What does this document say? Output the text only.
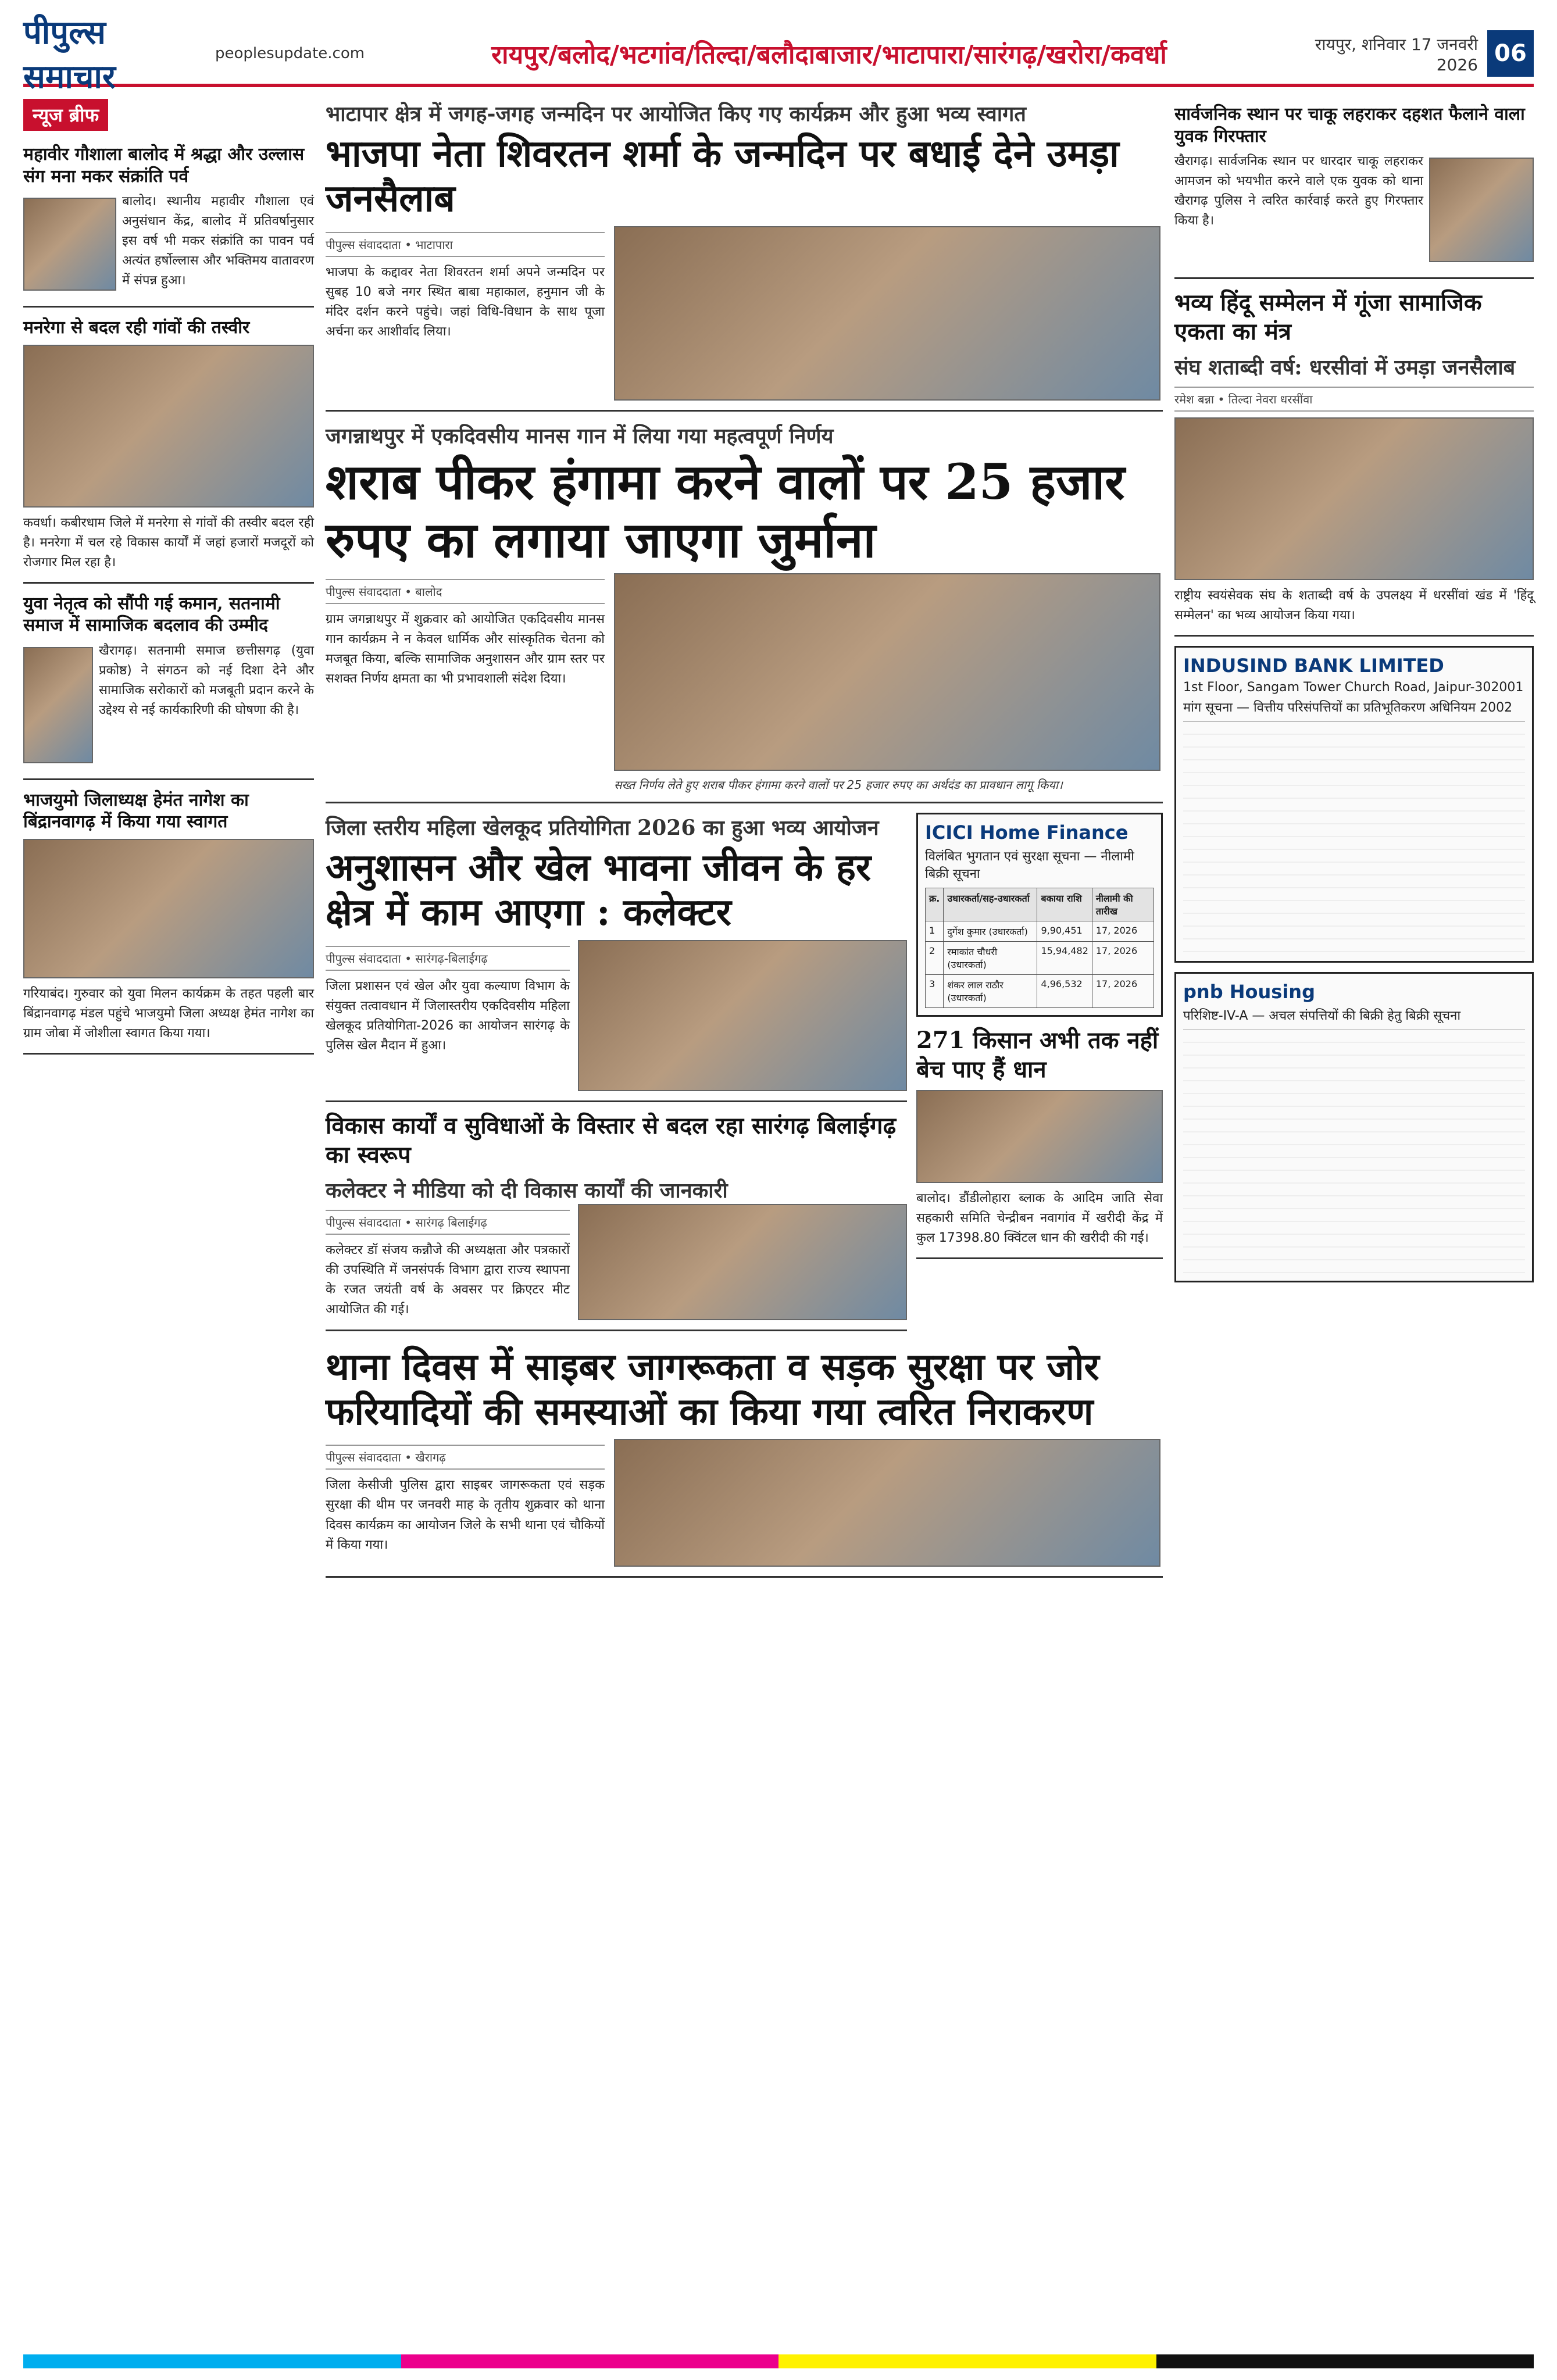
पीपुल्स समाचार
peoplesupdate.com	रायपुर/बलोद/भटगांव/तिल्दा/बलौदाबाजार/भाटापारा/सारंगढ़/खरोरा/कवर्धा	रायपुर, शनिवार 17 जनवरी 2026 06
न्यूज ब्रीफ
महावीर गौशाला बालोद में श्रद्धा और उल्लास संग मना मकर संक्रांति पर्व
बालोद। स्थानीय महावीर गौशाला एवं अनुसंधान केंद्र, बालोद में प्रतिवर्षानुसार इस वर्ष भी मकर संक्रांति का पावन पर्व अत्यंत हर्षोल्लास और भक्तिमय वातावरण में संपन्न हुआ।
मनरेगा से बदल रही गांवों की तस्वीर
कवर्धा। कबीरधाम जिले में मनरेगा से गांवों की तस्वीर बदल रही है। मनरेगा में चल रहे विकास कार्यों में जहां हजारों मजदूरों को रोजगार मिल रहा है।
युवा नेतृत्व को सौंपी गई कमान, सतनामी समाज में सामाजिक बदलाव की उम्मीद
खैरागढ़। सतनामी समाज छत्तीसगढ़ (युवा प्रकोष्ठ) ने संगठन को नई दिशा देने और सामाजिक सरोकारों को मजबूती प्रदान करने के उद्देश्य से नई कार्यकारिणी की घोषणा की है।
भाजयुमो जिलाध्यक्ष हेमंत नागेश का बिंद्रानवागढ़ में किया गया स्वागत
गरियाबंद। गुरुवार को युवा मिलन कार्यक्रम के तहत पहली बार बिंद्रानवागढ़ मंडल पहुंचे भाजयुमो जिला अध्यक्ष हेमंत नागेश का ग्राम जोबा में जोशीला स्वागत किया गया।
भाटापार क्षेत्र में जगह-जगह जन्मदिन पर आयोजित किए गए कार्यक्रम और हुआ भव्य स्वागत
भाजपा नेता शिवरतन शर्मा के जन्मदिन पर बधाई देने उमड़ा जनसैलाब
पीपुल्स संवाददाता • भाटापारा
भाजपा के कद्दावर नेता शिवरतन शर्मा अपने जन्मदिन पर सुबह 10 बजे नगर स्थित बाबा महाकाल, हनुमान जी के मंदिर दर्शन करने पहुंचे। जहां विधि-विधान के साथ पूजा अर्चना कर आशीर्वाद लिया।
जगन्नाथपुर में एकदिवसीय मानस गान में लिया गया महत्वपूर्ण निर्णय
शराब पीकर हंगामा करने वालों पर 25 हजार रुपए का लगाया जाएगा जुर्माना
पीपुल्स संवाददाता • बालोद
ग्राम जगन्नाथपुर में शुक्रवार को आयोजित एकदिवसीय मानस गान कार्यक्रम ने न केवल धार्मिक और सांस्कृतिक चेतना को मजबूत किया, बल्कि सामाजिक अनुशासन और ग्राम स्तर पर सशक्त निर्णय क्षमता का भी प्रभावशाली संदेश दिया।
सख्त निर्णय लेते हुए शराब पीकर हंगामा करने वालों पर 25 हजार रुपए का अर्थदंड का प्रावधान लागू किया।
जिला स्तरीय महिला खेलकूद प्रतियोगिता 2026 का हुआ भव्य आयोजन
अनुशासन और खेल भावना जीवन के हर क्षेत्र में काम आएगा : कलेक्टर
पीपुल्स संवाददाता • सारंगढ़-बिलाईगढ़
जिला प्रशासन एवं खेल और युवा कल्याण विभाग के संयुक्त तत्वावधान में जिलास्तरीय एकदिवसीय महिला खेलकूद प्रतियोगिता-2026 का आयोजन सारंगढ़ के पुलिस खेल मैदान में हुआ।
विकास कार्यों व सुविधाओं के विस्तार से बदल रहा सारंगढ़ बिलाईगढ़ का स्वरूप
कलेक्टर ने मीडिया को दी विकास कार्यों की जानकारी
पीपुल्स संवाददाता • सारंगढ़ बिलाईगढ़
कलेक्टर डॉ संजय कन्नौजे की अध्यक्षता और पत्रकारों की उपस्थिति में जनसंपर्क विभाग द्वारा राज्य स्थापना के रजत जयंती वर्ष के अवसर पर क्रिएटर मीट आयोजित की गई।
ICICI Home Finance
विलंबित भुगतान एवं सुरक्षा सूचना — नीलामी बिक्री सूचना
क्र.	उधारकर्ता/सह-उधारकर्ता	बकाया राशि	नीलामी की तारीख
1	दुर्गेश कुमार (उधारकर्ता)	9,90,451	17, 2026
2	रमाकांत चौधरी (उधारकर्ता)	15,94,482	17, 2026
3	शंकर लाल राठौर (उधारकर्ता)	4,96,532	17, 2026
271 किसान अभी तक नहीं बेच पाए हैं धान
बालोद। डौंडीलोहारा ब्लाक के आदिम जाति सेवा सहकारी समिति चेन्द्रीबन नवागांव में खरीदी केंद्र में कुल 17398.80 क्विंटल धान की खरीदी की गई।
थाना दिवस में साइबर जागरूकता व सड़क सुरक्षा पर जोर फरियादियों की समस्याओं का किया गया त्वरित निराकरण
पीपुल्स संवाददाता • खैरागढ़
जिला केसीजी पुलिस द्वारा साइबर जागरूकता एवं सड़क सुरक्षा की थीम पर जनवरी माह के तृतीय शुक्रवार को थाना दिवस कार्यक्रम का आयोजन जिले के सभी थाना एवं चौकियों में किया गया।
सार्वजनिक स्थान पर चाकू लहराकर दहशत फैलाने वाला युवक गिरफ्तार
खैरागढ़। सार्वजनिक स्थान पर धारदार चाकू लहराकर आमजन को भयभीत करने वाले एक युवक को थाना खैरागढ़ पुलिस ने त्वरित कार्रवाई करते हुए गिरफ्तार किया है।
भव्य हिंदू सम्मेलन में गूंजा सामाजिक एकता का मंत्र
संघ शताब्दी वर्ष: धरसीवां में उमड़ा जनसैलाब
रमेश बन्ना • तिल्दा नेवरा धरसींवा
राष्ट्रीय स्वयंसेवक संघ के शताब्दी वर्ष के उपलक्ष्य में धरसींवां खंड में 'हिंदू सम्मेलन' का भव्य आयोजन किया गया।
INDUSIND BANK LIMITED
1st Floor, Sangam Tower Church Road, Jaipur-302001
मांग सूचना — वित्तीय परिसंपत्तियों का प्रतिभूतिकरण अधिनियम 2002
pnb Housing
परिशिष्ट-IV-A — अचल संपत्तियों की बिक्री हेतु बिक्री सूचना
